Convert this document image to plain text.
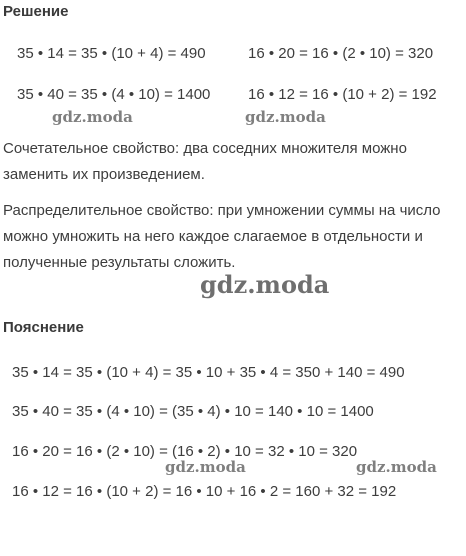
Решение
35 • 14 = 35 • (10 + 4) = 490	16 • 20 = 16 • (2 • 10) = 320
35 • 40 = 35 • (4 • 10) = 1400	16 • 12 = 16 • (10 + 2) = 192
gdz.moda	gdz.moda

Сочетательное свойство: два соседних множителя можно заменить их произведением.

Распределительное свойство: при умножении суммы на число можно умножить на него каждое слагаемое в отдельности и полученные результаты сложить.

gdz.moda
Пояснение
35 • 14 = 35 • (10 + 4) = 35 • 10 + 35 • 4 = 350 + 140 = 490
35 • 40 = 35 • (4 • 10) = (35 • 4) • 10 = 140 • 10 = 1400
16 • 20 = 16 • (2 • 10) = (16 • 2) • 10 = 32 • 10 = 320
gdz.moda	gdz.moda
16 • 12 = 16 • (10 + 2) = 16 • 10 + 16 • 2 = 160 + 32 = 192
